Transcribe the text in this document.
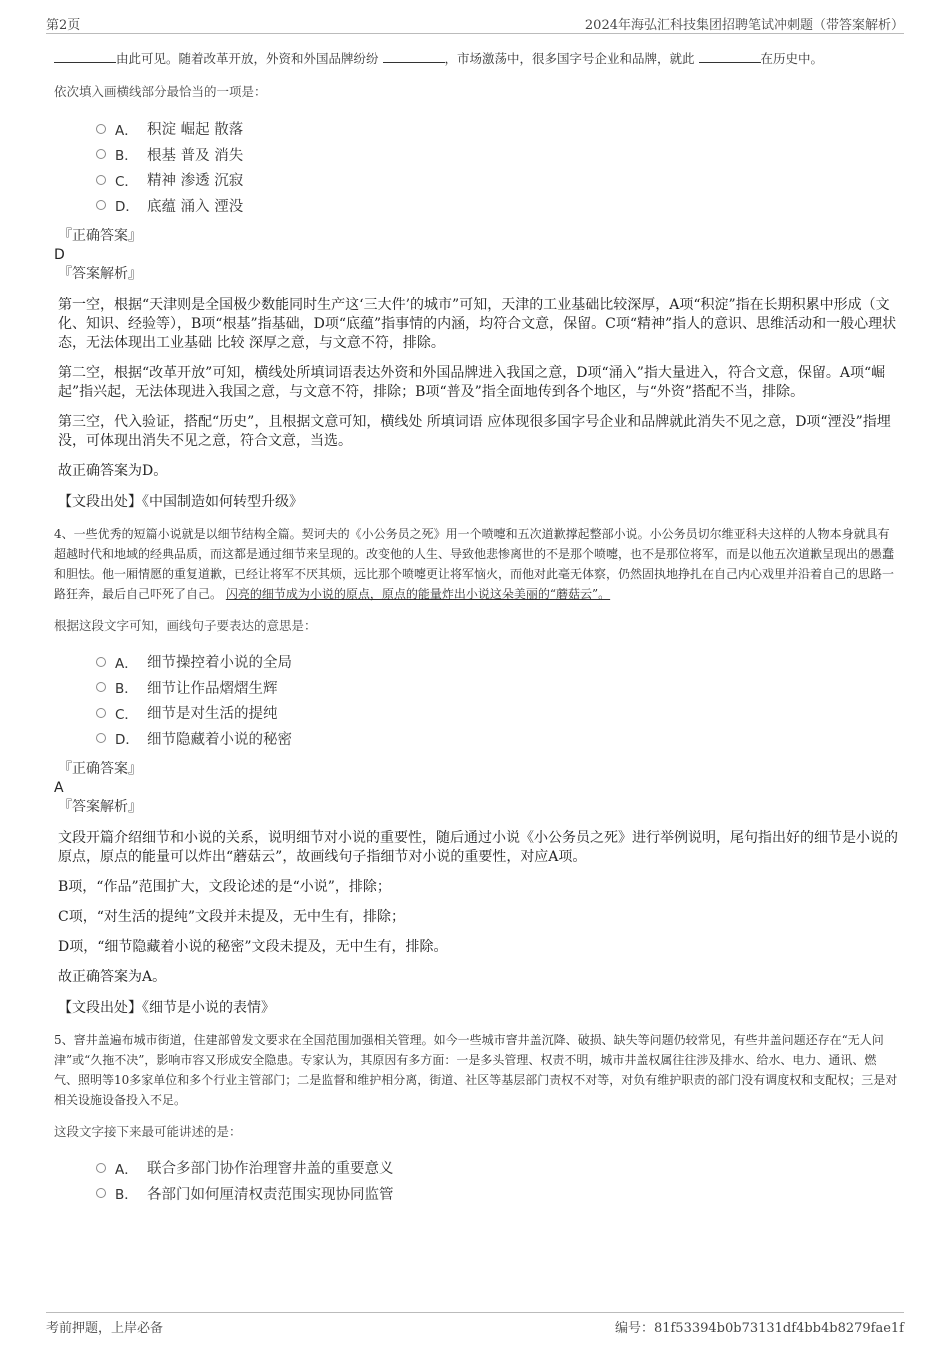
第2页	2024年海弘汇科技集团招聘笔试冲刺题（带答案解析）
由此可见。随着改革开放，外资和外国品牌纷纷	，市场激荡中，很多国字号企业和品牌，就此	在历史中。
依次填入画横线部分最恰当的一项是：
A． 积淀 崛起 散落
B． 根基 普及 消失
C． 精神 渗透 沉寂
D． 底蕴 涌入 湮没
『正确答案』
D
『答案解析』
第一空，根据“天津则是全国极少数能同时生产这‘三大件’的城市”可知，天津的工业基础比较深厚，A项“积淀”指在长期积累中形成（文化、知识、经验等），B项“根基”指基础，D项“底蕴”指事情的内涵，均符合文意，保留。C项“精神”指人的意识、思维活动和一般心理状态，无法体现出工业基础 比较 深厚之意，与文意不符，排除。
第二空，根据“改革开放”可知，横线处所填词语表达外资和外国品牌进入我国之意，D项“涌入”指大量进入，符合文意，保留。A项“崛起”指兴起，无法体现进入我国之意，与文意不符，排除；B项“普及”指全面地传到各个地区，与“外资”搭配不当，排除。
第三空，代入验证，搭配“历史”，且根据文意可知，横线处 所填词语 应体现很多国字号企业和品牌就此消失不见之意，D项“湮没”指埋没，可体现出消失不见之意，符合文意，当选。
故正确答案为D。
【文段出处】《中国制造如何转型升级》
4、一些优秀的短篇小说就是以细节结构全篇。契诃夫的《小公务员之死》用一个喷嚏和五次道歉撑起整部小说。小公务员切尔维亚科夫这样的人物本身就具有超越时代和地域的经典品质，而这都是通过细节来呈现的。改变他的人生、导致他悲惨离世的不是那个喷嚏，也不是那位将军，而是以他五次道歉呈现出的愚蠢和胆怯。他一厢情愿的重复道歉，已经让将军不厌其烦，远比那个喷嚏更让将军恼火，而他对此毫无体察，仍然固执地挣扎在自己内心戏里并沿着自己的思路一路狂奔，最后自己吓死了自己。 闪亮的细节成为小说的原点，原点的能量炸出小说这朵美丽的“蘑菇云”。
根据这段文字可知，画线句子要表达的意思是：
A． 细节操控着小说的全局
B． 细节让作品熠熠生辉
C． 细节是对生活的提纯
D． 细节隐藏着小说的秘密
『正确答案』
A
『答案解析』
文段开篇介绍细节和小说的关系，说明细节对小说的重要性，随后通过小说《小公务员之死》进行举例说明，尾句指出好的细节是小说的原点，原点的能量可以炸出“蘑菇云”，故画线句子指细节对小说的重要性，对应A项。
B项，“作品”范围扩大，文段论述的是“小说”，排除；
C项，“对生活的提纯”文段并未提及，无中生有，排除；
D项，“细节隐藏着小说的秘密”文段未提及，无中生有，排除。
故正确答案为A。
【文段出处】《细节是小说的表情》
5、窨井盖遍布城市街道，住建部曾发文要求在全国范围加强相关管理。如今一些城市窨井盖沉降、破损、缺失等问题仍较常见，有些井盖问题还存在“无人问津”或“久拖不决”，影响市容又形成安全隐患。专家认为，其原因有多方面：一是多头管理、权责不明，城市井盖权属往往涉及排水、给水、电力、通讯、燃气、照明等10多家单位和多个行业主管部门；二是监督和维护相分离，街道、社区等基层部门责权不对等，对负有维护职责的部门没有调度权和支配权；三是对相关设施设备投入不足。
这段文字接下来最可能讲述的是：
A． 联合多部门协作治理窨井盖的重要意义
B． 各部门如何厘清权责范围实现协同监管
考前押题，上岸必备	编号：81f53394b0b73131df4bb4b8279fae1f
